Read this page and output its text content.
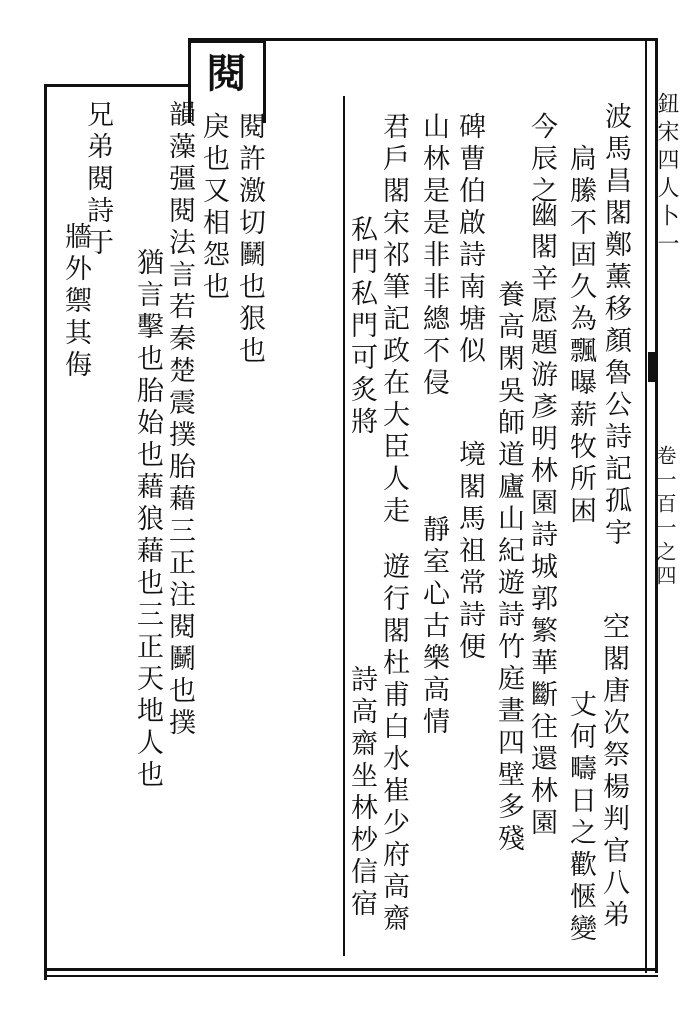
閱
鈕宋四人卜一
卷一百一之四
波馬昌閣鄭薰移顏魯公詩記孤宇
扃縢不固久為飄曝薪牧所困
空閣唐次祭楊判官八弟
丈何疇日之歡愜變
今辰之
幽閣辛愿題游彥明林園詩城郭繁華斷往還林園
養高閑吳師道廬山紀遊詩竹庭晝四壁多殘
碑曹伯啟詩南塘似
境閣馬祖常詩便
山林是是非非總不侵
靜室心古樂高情
君戶閣宋祁筆記政在大臣人走
遊行閣杜甫白水崔少府高齋
私門私門可炙將
詩高齋坐林杪信宿
閱許激切鬭也狠也
戾也又相怨也
韻藻彊閱法言若秦楚震撲胎藉三正注閱鬭也撲
猶言擊也胎始也藉狼藉也三正天地人也
兄弟閱詩于
牆外禦其侮
